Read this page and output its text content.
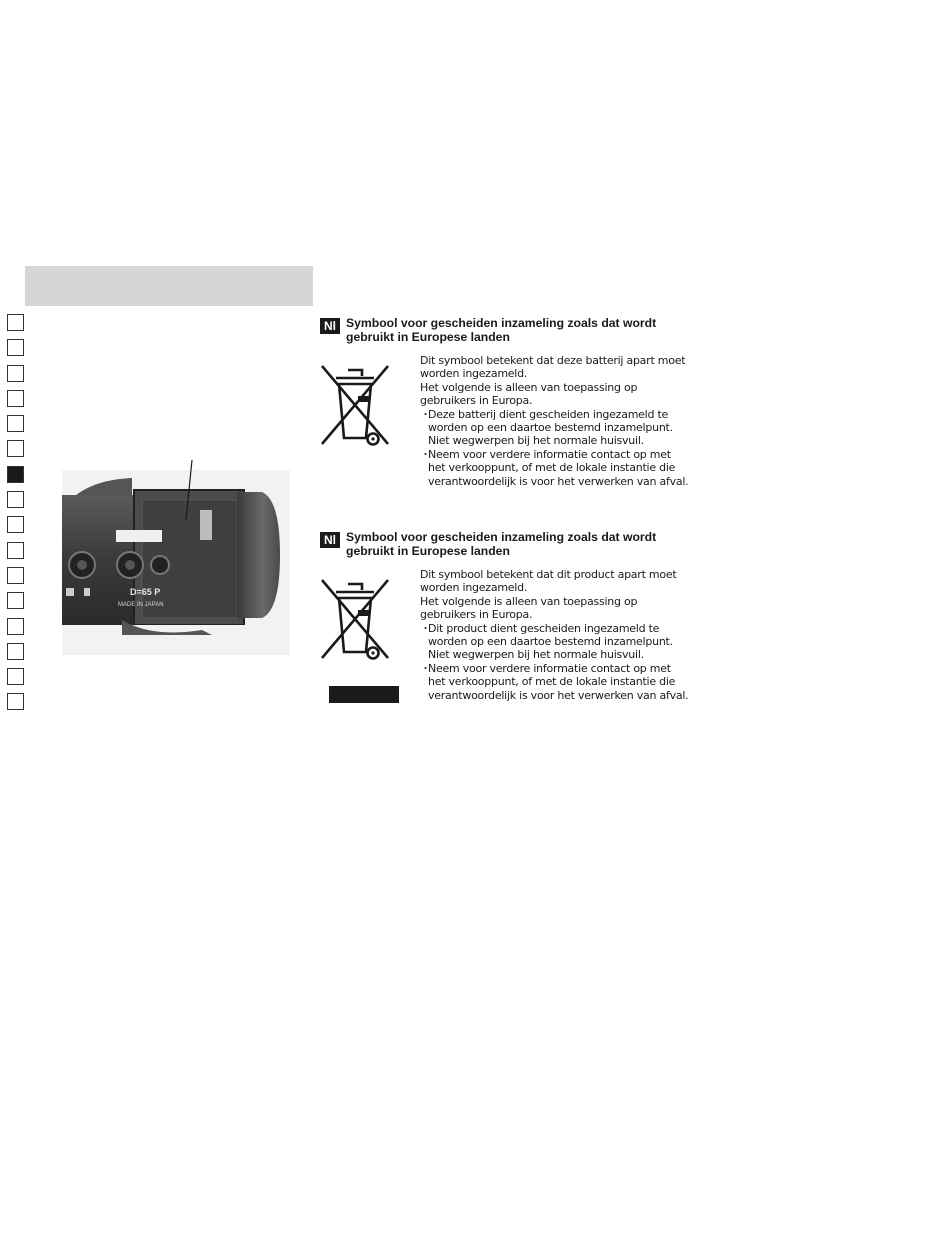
D=65 P
MADE IN JAPAN
Nl Symbool voor gescheiden inzameling zoals dat wordt

gebruikt in Europese landen

Dit symbool betekent dat deze batterij apart moet

worden ingezameld.

Het volgende is alleen van toepassing op

gebruikers in Europa.

・

Deze batterij dient gescheiden ingezameld te

worden op een daartoe bestemd inzamelpunt.

Niet wegwerpen bij het normale huisvuil.

・

Neem voor verdere informatie contact op met

het verkooppunt, of met de lokale instantie die

verantwoordelijk is voor het verwerken van afval.

Nl Symbool voor gescheiden inzameling zoals dat wordt

gebruikt in Europese landen

Dit symbool betekent dat dit product apart moet

worden ingezameld.

Het volgende is alleen van toepassing op

gebruikers in Europa.

・

Dit product dient gescheiden ingezameld te

worden op een daartoe bestemd inzamelpunt.

Niet wegwerpen bij het normale huisvuil.

・

Neem voor verdere informatie contact op met

het verkooppunt, of met de lokale instantie die

verantwoordelijk is voor het verwerken van afval.
